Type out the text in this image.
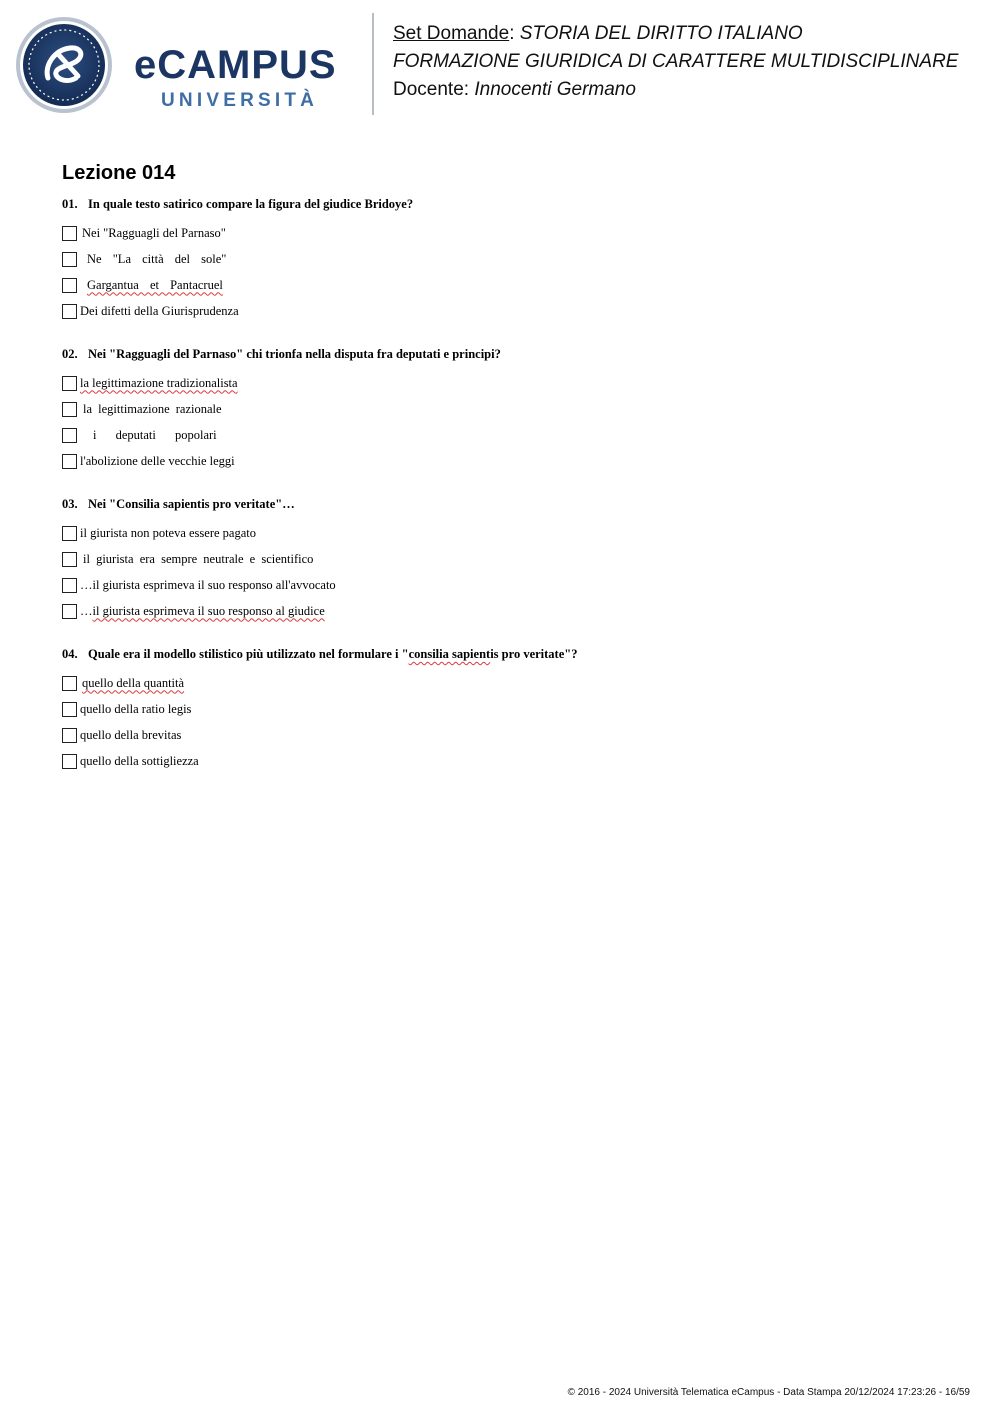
eCAMPUS
UNIVERSITÀ
Set Domande: STORIA DEL DIRITTO ITALIANO
FORMAZIONE GIURIDICA DI CARATTERE MULTIDISCIPLINARE
Docente: Innocenti Germano
Lezione 014

01. In quale testo satirico compare la figura del giudice Bridoye?

Nei "Ragguagli del Parnaso"
Ne "La città del sole"
Gargantua et Pantacruel
Dei difetti della Giurisprudenza

02. Nei "Ragguagli del Parnaso" chi trionfa nella disputa fra deputati e principi?

la legittimazione tradizionalista
la legittimazione razionale
i deputati popolari
l'abolizione delle vecchie leggi

03. Nei "Consilia sapientis pro veritate"…

il giurista non poteva essere pagato
il giurista era sempre neutrale e scientifico
…il giurista esprimeva il suo responso all'avvocato
…il giurista esprimeva il suo responso al giudice

04. Quale era il modello stilistico più utilizzato nel formulare i "consilia sapientis pro veritate"?

quello della quantità
quello della ratio legis
quello della brevitas
quello della sottigliezza
© 2016 - 2024 Università Telematica eCampus - Data Stampa 20/12/2024 17:23:26 - 16/59
